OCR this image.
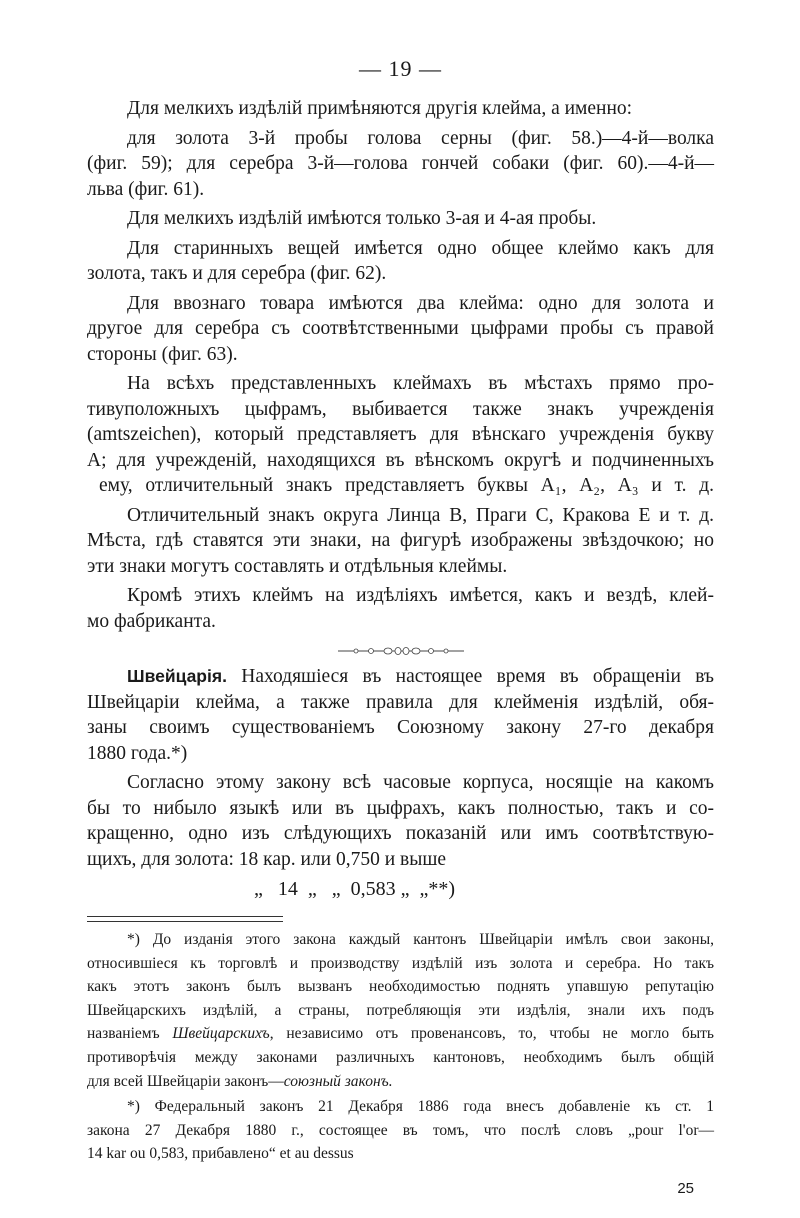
— 19 —

Для мелкихъ издѣлій примѣняются другія клейма, а именно:

для золота 3-й пробы голова серны (фиг. 58.)—4-й—волка
(фиг. 59); для серебра 3-й—голова гончей собаки (фиг. 60).—4-й—
льва (фиг. 61).

Для мелкихъ издѣлій имѣются только 3-ая и 4-ая пробы.

Для старинныхъ вещей имѣется одно общее клеймо какъ для
золота, такъ и для серебра (фиг. 62).

Для ввознаго товара имѣются два клейма: одно для золота и
другое для серебра съ соотвѣтственными цыфрами пробы съ правой
стороны (фиг. 63).

На всѣхъ представленныхъ клеймахъ въ мѣстахъ прямо про-
тивуположныхъ цыфрамъ, выбивается также знакъ учрежденія
(amtszeichen), который представляетъ для вѣнскаго учрежденія букву
А; для учрежденій, находящихся въ вѣнскомъ округѣ и подчиненныхъ
ему, отличительный знакъ представляетъ буквы А₁, А₂, А₃ и т. д.

Отличительный знакъ округа Линца В, Праги С, Кракова Е и т. д.
Мѣста, гдѣ ставятся эти знаки, на фигурѣ изображены звѣздочкою; но
эти знаки могутъ составлять и отдѣльныя клеймы.

Кромѣ этихъ клеймъ на издѣліяхъ имѣется, какъ и вездѣ, клей-
мо фабриканта.

Швейцарія. Находяшіеся въ настоящее время въ обращеніи въ
Швейцаріи клейма, а также правила для клейменія издѣлій, обя-
заны своимъ существованіемъ Союзному закону 27-го декабря
1880 года.*)

Согласно этому закону всѣ часовые корпуса, носящіе на какомъ
бы то нибыло языкѣ или въ цыфрахъ, какъ полностью, такъ и со-
кращенно, одно изъ слѣдующихъ показаній или имъ соотвѣтствую-
щихъ, для золота: 18 кар. или 0,750 и выше

„   14  „   „  0,583 „  „**)

*) До изданія этого закона каждый кантонъ Швейцаріи имѣлъ свои законы,
относившіеся къ торговлѣ и производству издѣлій изъ золота и серебра. Но такъ
какъ этотъ законъ былъ вызванъ необходимостью поднять упавшую репутацію
Швейцарскихъ издѣлій, а страны, потребляющія эти издѣлія, знали ихъ подъ
названіемъ Швейцарскихъ, независимо отъ провенансовъ, то, чтобы не могло быть
противорѣчія между законами различныхъ кантоновъ, необходимъ былъ общій
для всей Швейцаріи законъ—союзный законъ.

*) Федеральный законъ 21 Декабря 1886 года внесъ добавленіе къ ст. 1
закона 27 Декабря 1880 г., состоящее въ томъ, что послѣ словъ „pour l'or—
14 kar ou 0,583, прибавлено“ et au dessus

25
